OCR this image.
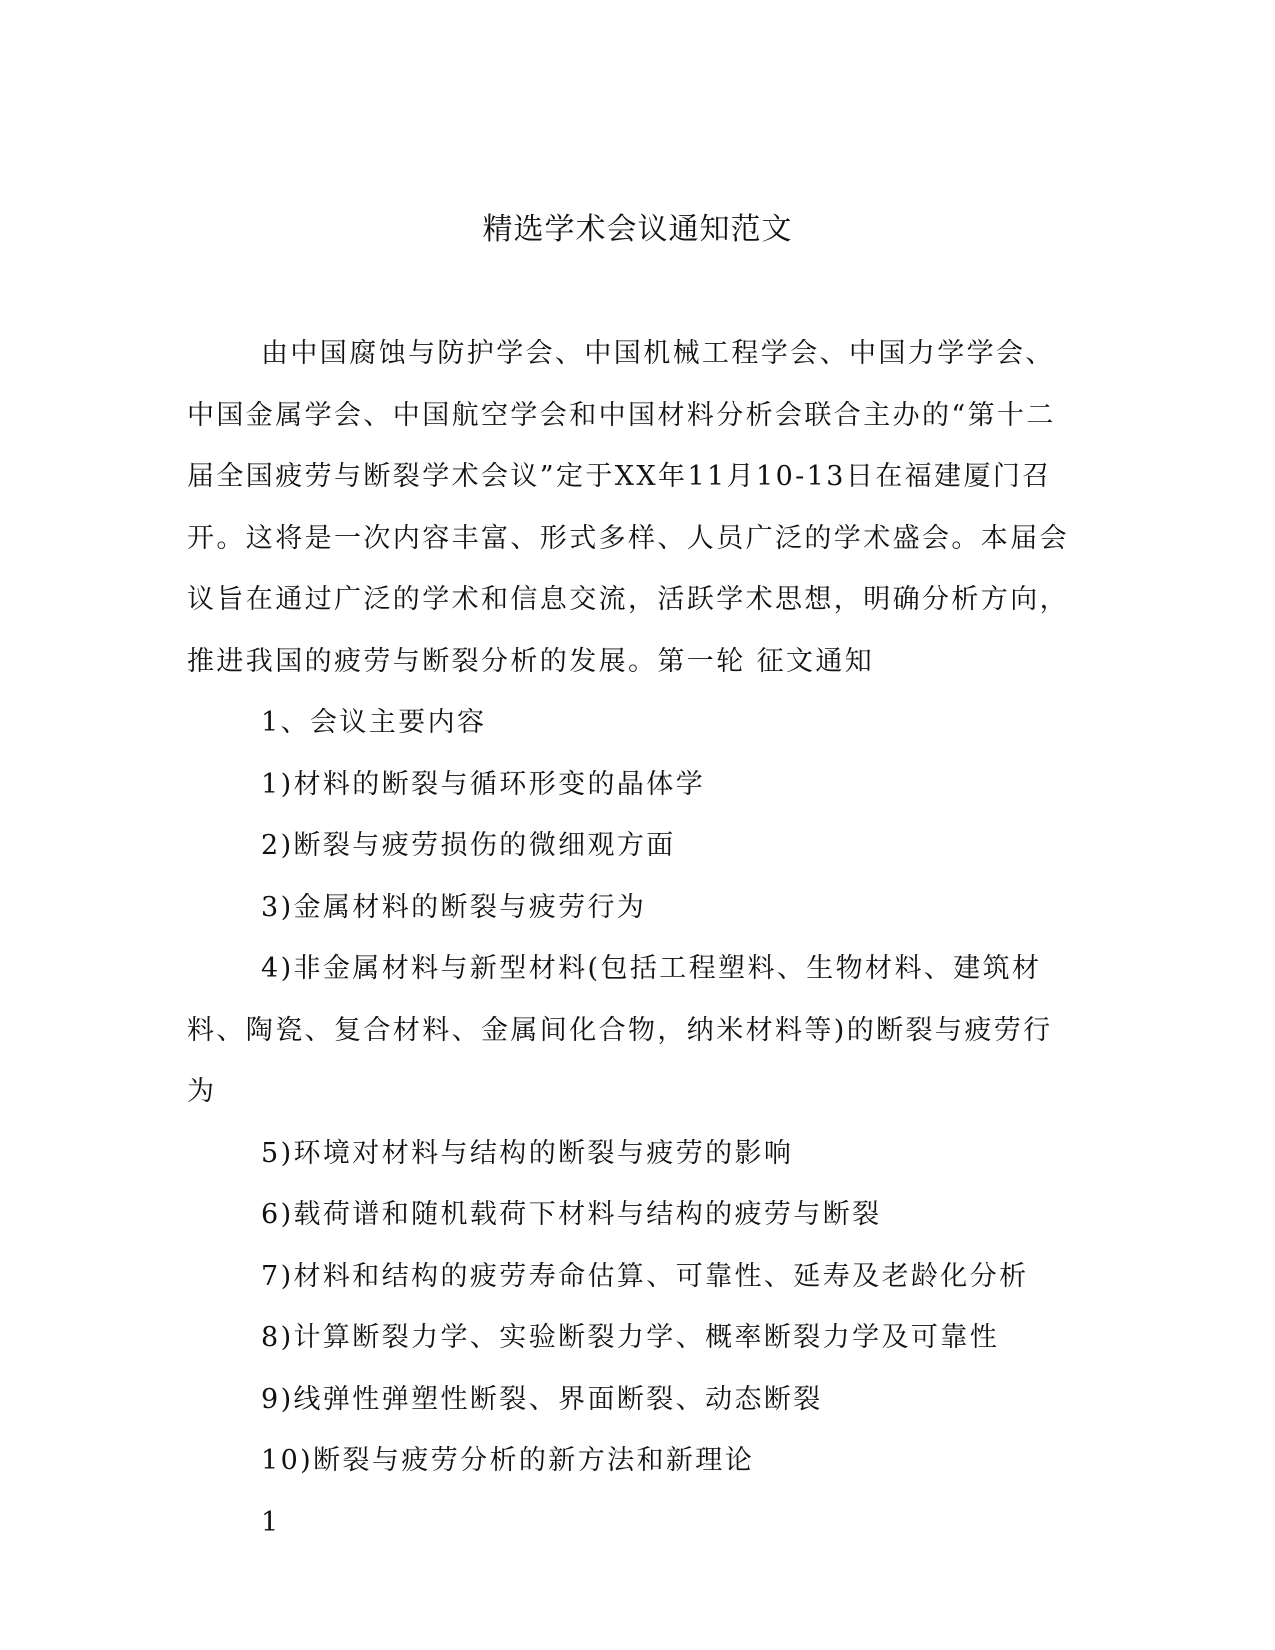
精选学术会议通知范文

由中国腐蚀与防护学会、中国机械工程学会、中国力学学会、中国金属学会、中国航空学会和中国材料分析会联合主办的“第十二届全国疲劳与断裂学术会议”定于XX年11月10-13日在福建厦门召开。这将是一次内容丰富、形式多样、人员广泛的学术盛会。本届会议旨在通过广泛的学术和信息交流，活跃学术思想，明确分析方向，推进我国的疲劳与断裂分析的发展。第一轮 征文通知

1、会议主要内容

1)材料的断裂与循环形变的晶体学

2)断裂与疲劳损伤的微细观方面

3)金属材料的断裂与疲劳行为

4)非金属材料与新型材料(包括工程塑料、生物材料、建筑材料、陶瓷、复合材料、金属间化合物，纳米材料等)的断裂与疲劳行为

5)环境对材料与结构的断裂与疲劳的影响

6)载荷谱和随机载荷下材料与结构的疲劳与断裂

7)材料和结构的疲劳寿命估算、可靠性、延寿及老龄化分析

8)计算断裂力学、实验断裂力学、概率断裂力学及可靠性

9)线弹性弹塑性断裂、界面断裂、动态断裂

10)断裂与疲劳分析的新方法和新理论

1
